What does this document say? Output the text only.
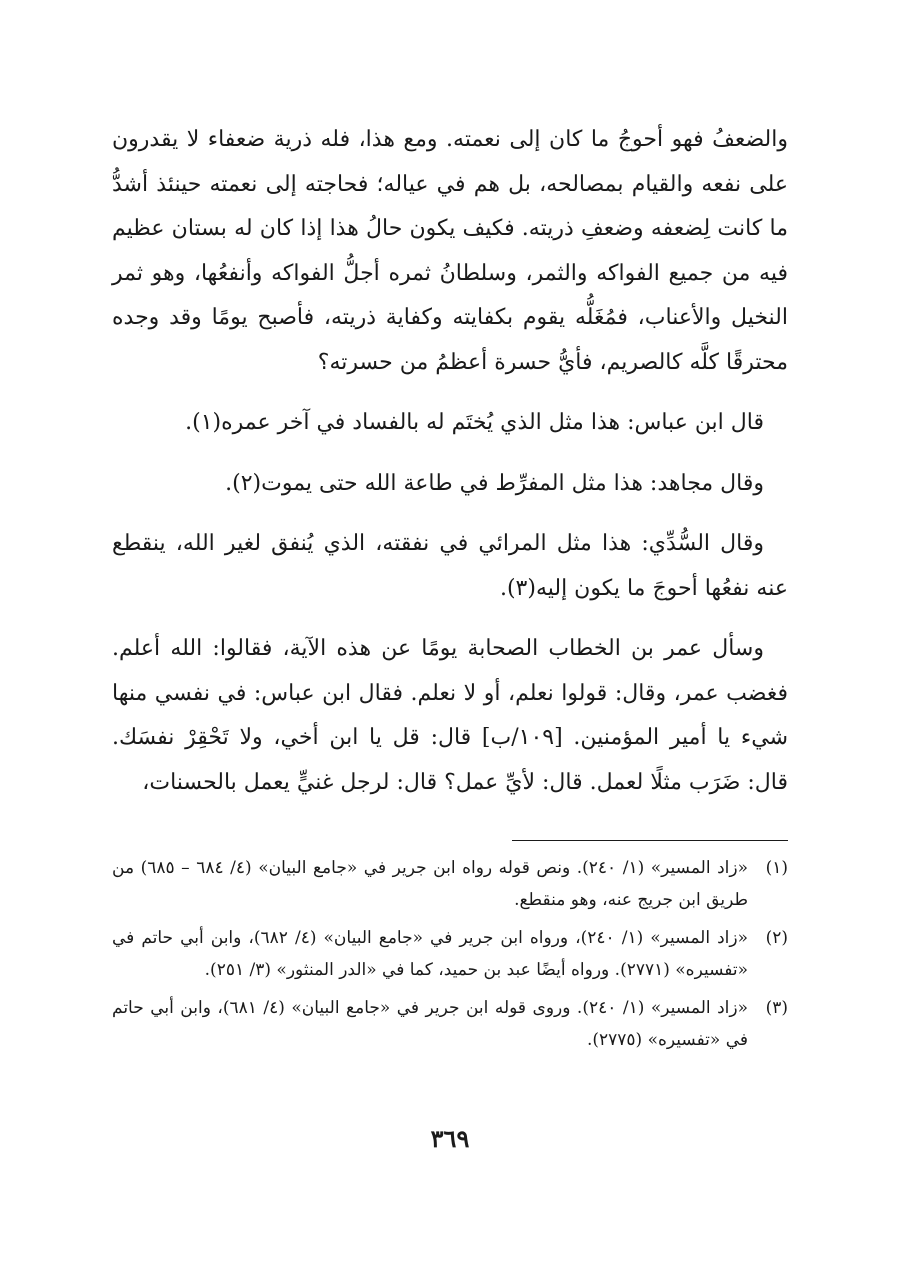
والضعفُ فهو أحوجُ ما كان إلى نعمته. ومع هذا، فله ذرية ضعفاء لا يقدرون على نفعه والقيام بمصالحه، بل هم في عياله؛ فحاجته إلى نعمته حينئذ أشدُّ ما كانت لِضعفه وضعفِ ذريته. فكيف يكون حالُ هذا إذا كان له بستان عظيم فيه من جميع الفواكه والثمر، وسلطانُ ثمره أجلُّ الفواكه وأنفعُها، وهو ثمر النخيل والأعناب، فمُغَلُّه يقوم بكفايته وكفاية ذريته، فأصبح يومًا وقد وجده محترقًا كلَّه كالصريم، فأيُّ حسرة أعظمُ من حسرته؟

قال ابن عباس: هذا مثل الذي يُختَم له بالفساد في آخر عمره(١).

وقال مجاهد: هذا مثل المفرِّط في طاعة الله حتى يموت(٢).

وقال السُّدِّي: هذا مثل المرائي في نفقته، الذي يُنفق لغير الله، ينقطع عنه نفعُها أحوجَ ما يكون إليه(٣).

وسأل عمر بن الخطاب الصحابة يومًا عن هذه الآية، فقالوا: الله أعلم. فغضب عمر، وقال: قولوا نعلم، أو لا نعلم. فقال ابن عباس: في نفسي منها شيء يا أمير المؤمنين. [١٠٩/ب] قال: قل يا ابن أخي، ولا تَحْقِرْ نفسَك. قال: ضَرَب مثلًا لعمل. قال: لأيِّ عمل؟ قال: لرجل غنيٍّ يعمل بالحسنات،

(١)
«زاد المسير» (١/ ٢٤٠). ونص قوله رواه ابن جرير في «جامع البيان» (٤/ ٦٨٤ – ٦٨٥) من طريق ابن جريج عنه، وهو منقطع.
(٢)
«زاد المسير» (١/ ٢٤٠)، ورواه ابن جرير في «جامع البيان» (٤/ ٦٨٢)، وابن أبي حاتم في «تفسيره» (٢٧٧١). ورواه أيضًا عبد بن حميد، كما في «الدر المنثور» (٣/ ٢٥١).
(٣)
«زاد المسير» (١/ ٢٤٠). وروى قوله ابن جرير في «جامع البيان» (٤/ ٦٨١)، وابن أبي حاتم في «تفسيره» (٢٧٧٥).
٣٦٩
